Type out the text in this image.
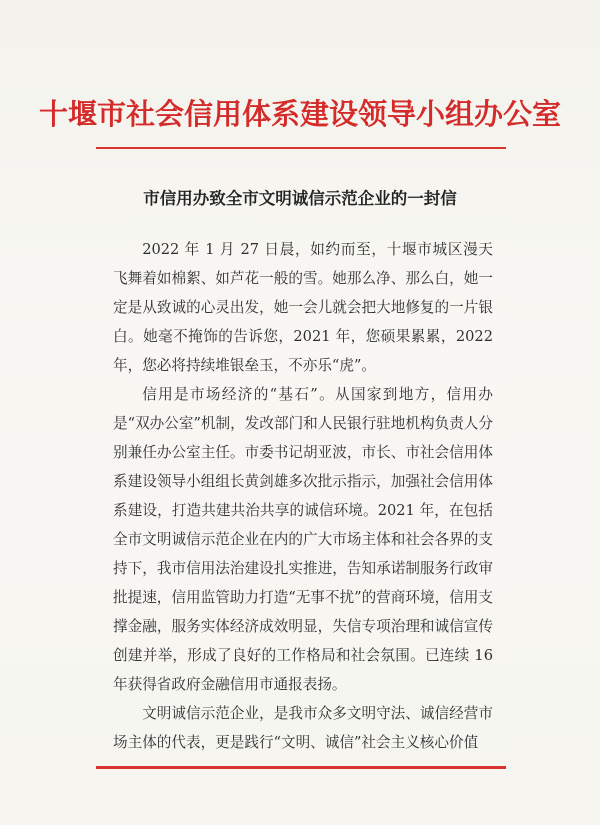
十堰市社会信用体系建设领导小组办公室
市信用办致全市文明诚信示范企业的一封信

2022 年 1 月 27 日晨，如约而至，十堰市城区漫天飞舞着如棉絮、如芦花一般的雪。她那么净、那么白，她一定是从致诚的心灵出发，她一会儿就会把大地修复的一片银白。她毫不掩饰的告诉您，2021 年，您硕果累累，2022 年，您必将持续堆银垒玉，不亦乐“虎”。

信用是市场经济的“基石”。从国家到地方，信用办是“双办公室”机制，发改部门和人民银行驻地机构负责人分别兼任办公室主任。市委书记胡亚波，市长、市社会信用体系建设领导小组组长黄剑雄多次批示指示，加强社会信用体系建设，打造共建共治共享的诚信环境。2021 年，在包括全市文明诚信示范企业在内的广大市场主体和社会各界的支持下，我市信用法治建设扎实推进，告知承诺制服务行政审批提速，信用监管助力打造“无事不扰”的营商环境，信用支撑金融，服务实体经济成效明显，失信专项治理和诚信宣传创建并举，形成了良好的工作格局和社会氛围。已连续 16 年获得省政府金融信用市通报表扬。

文明诚信示范企业，是我市众多文明守法、诚信经营市场主体的代表，更是践行“文明、诚信”社会主义核心价值
